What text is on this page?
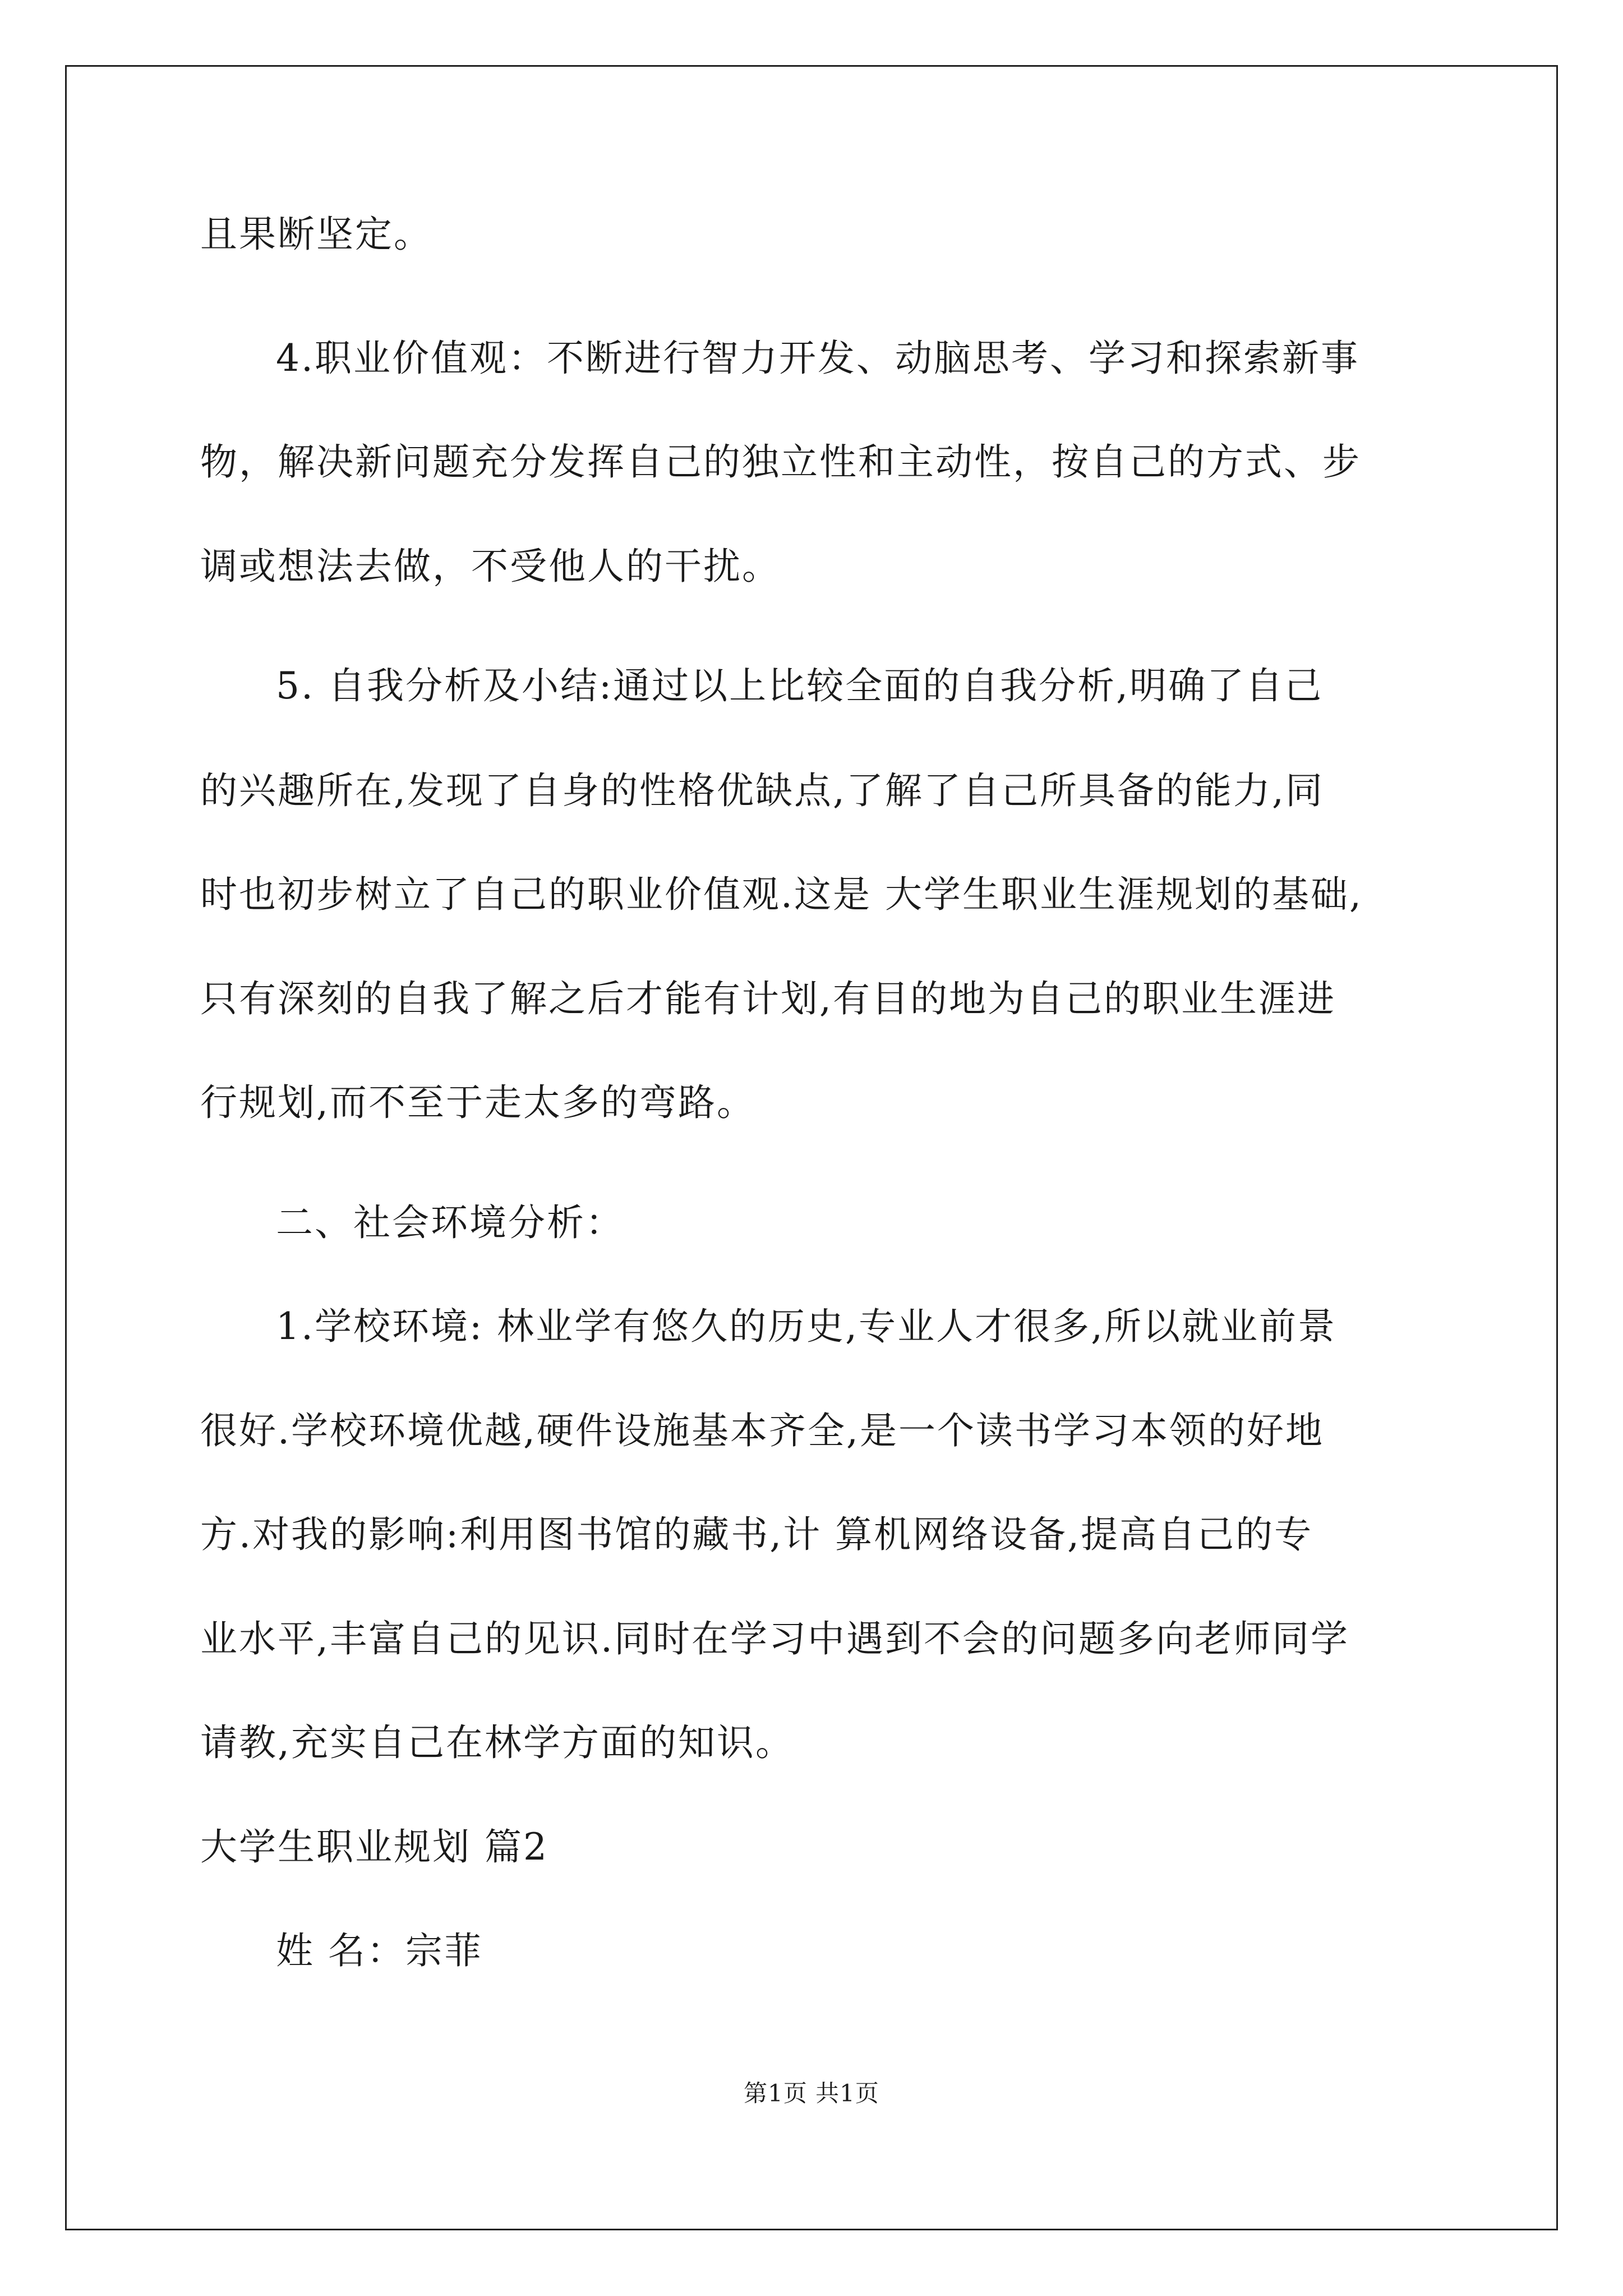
且果断坚定。
4.职业价值观：不断进行智力开发、动脑思考、学习和探索新事
物，解决新问题充分发挥自己的独立性和主动性，按自己的方式、步
调或想法去做，不受他人的干扰。
5. 自我分析及小结:通过以上比较全面的自我分析,明确了自己
的兴趣所在,发现了自身的性格优缺点,了解了自己所具备的能力,同
时也初步树立了自己的职业价值观.这是 大学生职业生涯规划的基础,
只有深刻的自我了解之后才能有计划,有目的地为自己的职业生涯进
行规划,而不至于走太多的弯路。
二、社会环境分析：
1.学校环境: 林业学有悠久的历史,专业人才很多,所以就业前景
很好.学校环境优越,硬件设施基本齐全,是一个读书学习本领的好地
方.对我的影响:利用图书馆的藏书,计 算机网络设备,提高自己的专
业水平,丰富自己的见识.同时在学习中遇到不会的问题多向老师同学
请教,充实自己在林学方面的知识。
大学生职业规划 篇2
姓 名：宗菲
第1页 共1页
